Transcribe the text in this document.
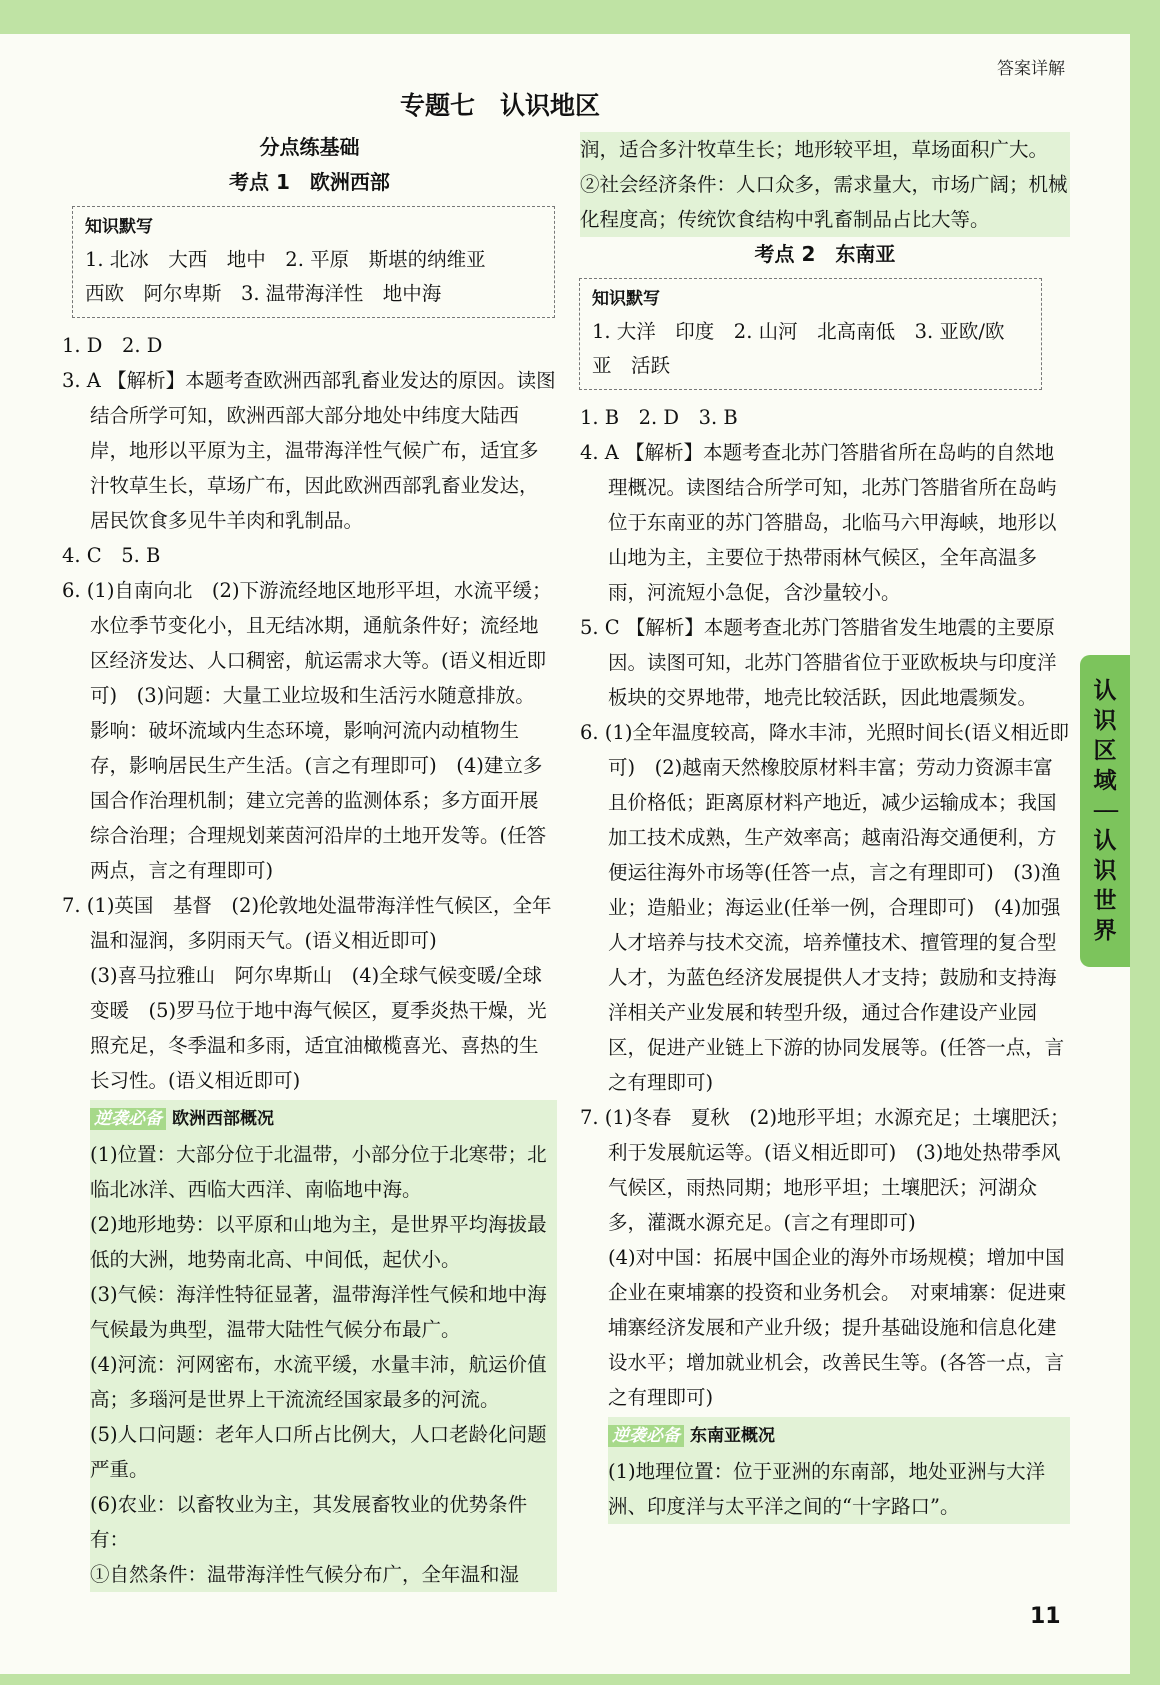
答案详解
专题七　认识地区
分点练基础
考点 1　欧洲西部
知识默写
1. 北冰　大西　地中　2. 平原　斯堪的纳维亚
西欧　阿尔卑斯　3. 温带海洋性　地中海
1. D　2. D
3. A 【解析】本题考查欧洲西部乳畜业发达的原因。读图结合所学可知，欧洲西部大部分地处中纬度大陆西岸，地形以平原为主，温带海洋性气候广布，适宜多汁牧草生长，草场广布，因此欧洲西部乳畜业发达，居民饮食多见牛羊肉和乳制品。
4. C　5. B
6. (1)自南向北　(2)下游流经地区地形平坦，水流平缓；水位季节变化小，且无结冰期，通航条件好；流经地区经济发达、人口稠密，航运需求大等。(语义相近即可)　(3)问题：大量工业垃圾和生活污水随意排放。　影响：破坏流域内生态环境，影响河流内动植物生存，影响居民生产生活。(言之有理即可)　(4)建立多国合作治理机制；建立完善的监测体系；多方面开展综合治理；合理规划莱茵河沿岸的土地开发等。(任答两点，言之有理即可)
7. (1)英国　基督　(2)伦敦地处温带海洋性气候区，全年温和湿润，多阴雨天气。(语义相近即可)
(3)喜马拉雅山　阿尔卑斯山　(4)全球气候变暖/全球变暖　(5)罗马位于地中海气候区，夏季炎热干燥，光照充足，冬季温和多雨，适宜油橄榄喜光、喜热的生长习性。(语义相近即可)
逆袭必备 欧洲西部概况
(1)位置：大部分位于北温带，小部分位于北寒带；北临北冰洋、西临大西洋、南临地中海。
(2)地形地势：以平原和山地为主，是世界平均海拔最低的大洲，地势南北高、中间低，起伏小。
(3)气候：海洋性特征显著，温带海洋性气候和地中海气候最为典型，温带大陆性气候分布最广。
(4)河流：河网密布，水流平缓，水量丰沛，航运价值高；多瑙河是世界上干流流经国家最多的河流。
(5)人口问题：老年人口所占比例大，人口老龄化问题严重。
(6)农业：以畜牧业为主，其发展畜牧业的优势条件有：
①自然条件：温带海洋性气候分布广，全年温和湿
润，适合多汁牧草生长；地形较平坦，草场面积广大。
②社会经济条件：人口众多，需求量大，市场广阔；机械化程度高；传统饮食结构中乳畜制品占比大等。
考点 2　东南亚
知识默写
1. 大洋　印度　2. 山河　北高南低　3. 亚欧/欧
亚　活跃
1. B　2. D　3. B
4. A 【解析】本题考查北苏门答腊省所在岛屿的自然地理概况。读图结合所学可知，北苏门答腊省所在岛屿位于东南亚的苏门答腊岛，北临马六甲海峡，地形以山地为主，主要位于热带雨林气候区，全年高温多雨，河流短小急促，含沙量较小。
5. C 【解析】本题考查北苏门答腊省发生地震的主要原因。读图可知，北苏门答腊省位于亚欧板块与印度洋板块的交界地带，地壳比较活跃，因此地震频发。
6. (1)全年温度较高，降水丰沛，光照时间长(语义相近即可)　(2)越南天然橡胶原材料丰富；劳动力资源丰富且价格低；距离原材料产地近，减少运输成本；我国加工技术成熟，生产效率高；越南沿海交通便利，方便运往海外市场等(任答一点，言之有理即可)　(3)渔业；造船业；海运业(任举一例，合理即可)　(4)加强人才培养与技术交流，培养懂技术、擅管理的复合型人才，为蓝色经济发展提供人才支持；鼓励和支持海洋相关产业发展和转型升级，通过合作建设产业园区，促进产业链上下游的协同发展等。(任答一点，言之有理即可)
7. (1)冬春　夏秋　(2)地形平坦；水源充足；土壤肥沃；利于发展航运等。(语义相近即可)　(3)地处热带季风气候区，雨热同期；地形平坦；土壤肥沃；河湖众多，灌溉水源充足。(言之有理即可)
(4)对中国：拓展中国企业的海外市场规模；增加中国企业在柬埔寨的投资和业务机会。　对柬埔寨：促进柬埔寨经济发展和产业升级；提升基础设施和信息化建设水平；增加就业机会，改善民生等。(各答一点，言之有理即可)
逆袭必备 东南亚概况
(1)地理位置：位于亚洲的东南部，地处亚洲与大洋洲、印度洋与太平洋之间的“十字路口”。
认
识
区
域
——
认
识
世
界
11
